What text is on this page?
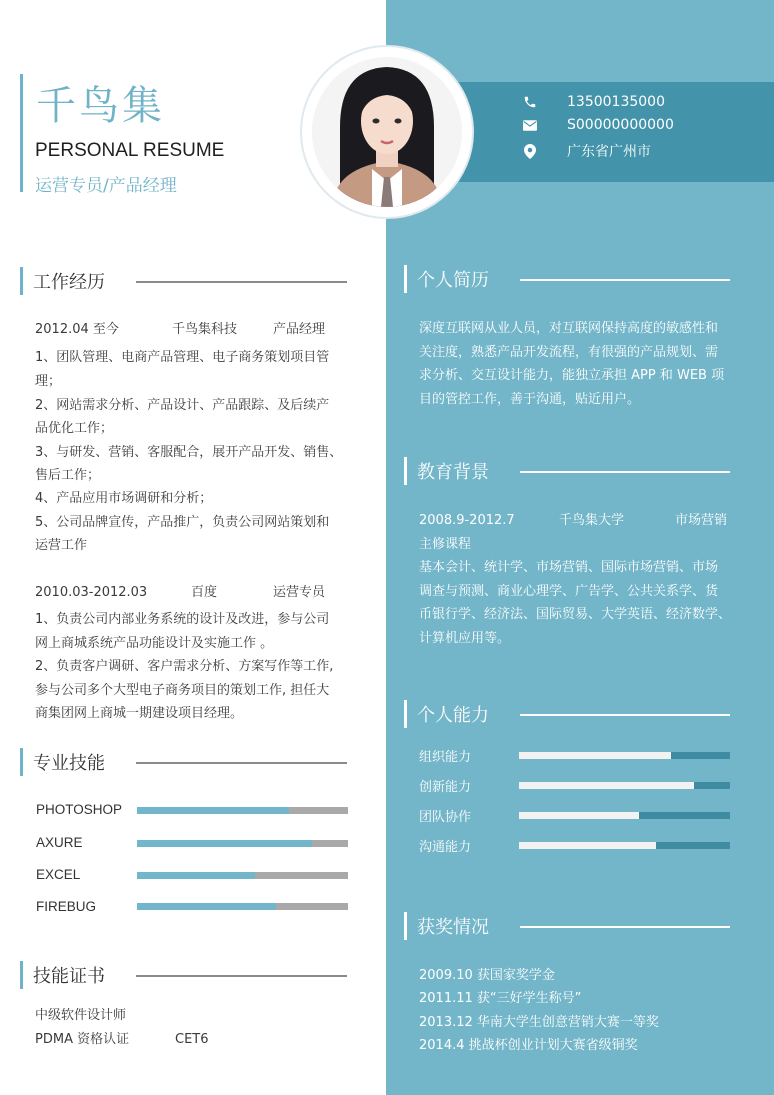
千鸟集
PERSONAL RESUME
运营专员/产品经理
13500135000
S00000000000
广东省广州市
工作经历
2012.04 至今	千鸟集科技	产品经理
1、团队管理、电商产品管理、电子商务策划项目管
理；
2、网站需求分析、产品设计、产品跟踪、及后续产
品优化工作；
3、与研发、营销、客服配合，展开产品开发、销售、
售后工作；
4、产品应用市场调研和分析；
5、公司品牌宣传，产品推广，负责公司网站策划和
运营工作
2010.03-2012.03	百度	运营专员
1、负责公司内部业务系统的设计及改进，参与公司
网上商城系统产品功能设计及实施工作 。
2、负责客户调研、客户需求分析、方案写作等工作,
参与公司多个大型电子商务项目的策划工作, 担任大
商集团网上商城一期建设项目经理。
专业技能
PHOTOSHOP
AXURE
EXCEL
FIREBUG
技能证书
中级软件设计师
PDMA 资格认证	CET6
个人简历
深度互联网从业人员，对互联网保持高度的敏感性和
关注度，熟悉产品开发流程，有很强的产品规划、需
求分析、交互设计能力，能独立承担 APP 和 WEB 项
目的管控工作，善于沟通，贴近用户。
教育背景
2008.9-2012.7	千鸟集大学	市场营销
主修课程
基本会计、统计学、市场营销、国际市场营销、市场
调查与预测、商业心理学、广告学、公共关系学、货
币银行学、经济法、国际贸易、大学英语、经济数学、
计算机应用等。
个人能力
组织能力
创新能力
团队协作
沟通能力
获奖情况
2009.10 获国家奖学金
2011.11 获“三好学生称号”
2013.12 华南大学生创意营销大赛一等奖
2014.4 挑战杯创业计划大赛省级铜奖
